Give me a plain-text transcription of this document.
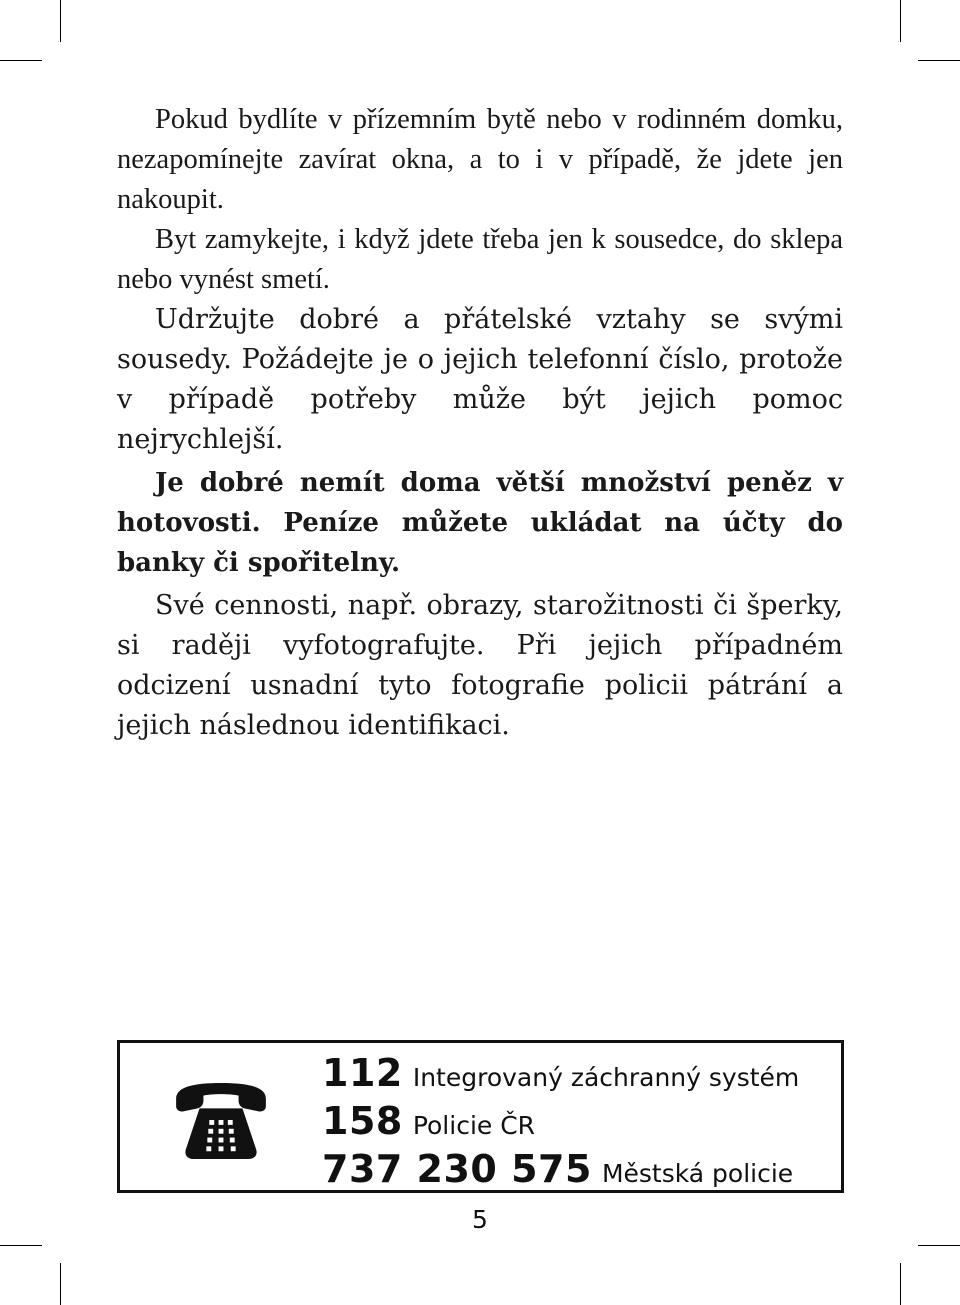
Pokud bydlíte v přízemním bytě nebo v rodinném domku, nezapomínejte zavírat okna, a to i v případě, že jdete jen nakoupit.

Byt zamykejte, i když jdete třeba jen k sousedce, do sklepa nebo vynést smetí.

Udržujte dobré a přátelské vztahy se svými sousedy. Požádejte je o jejich telefonní číslo, protože v případě potřeby může být jejich pomoc nejrychlejší.

Je dobré nemít doma větší množství peněz v hotovosti. Peníze můžete ukládat na účty do banky či spořitelny.

Své cennosti, např. obrazy, starožitnosti či šperky, si raději vyfotografujte. Při jejich případném odcizení usnadní tyto fotografie policii pátrání a jejich následnou identifikaci.

112 Integrovaný záchranný systém
158 Policie ČR
737 230 575 Městská policie
5
